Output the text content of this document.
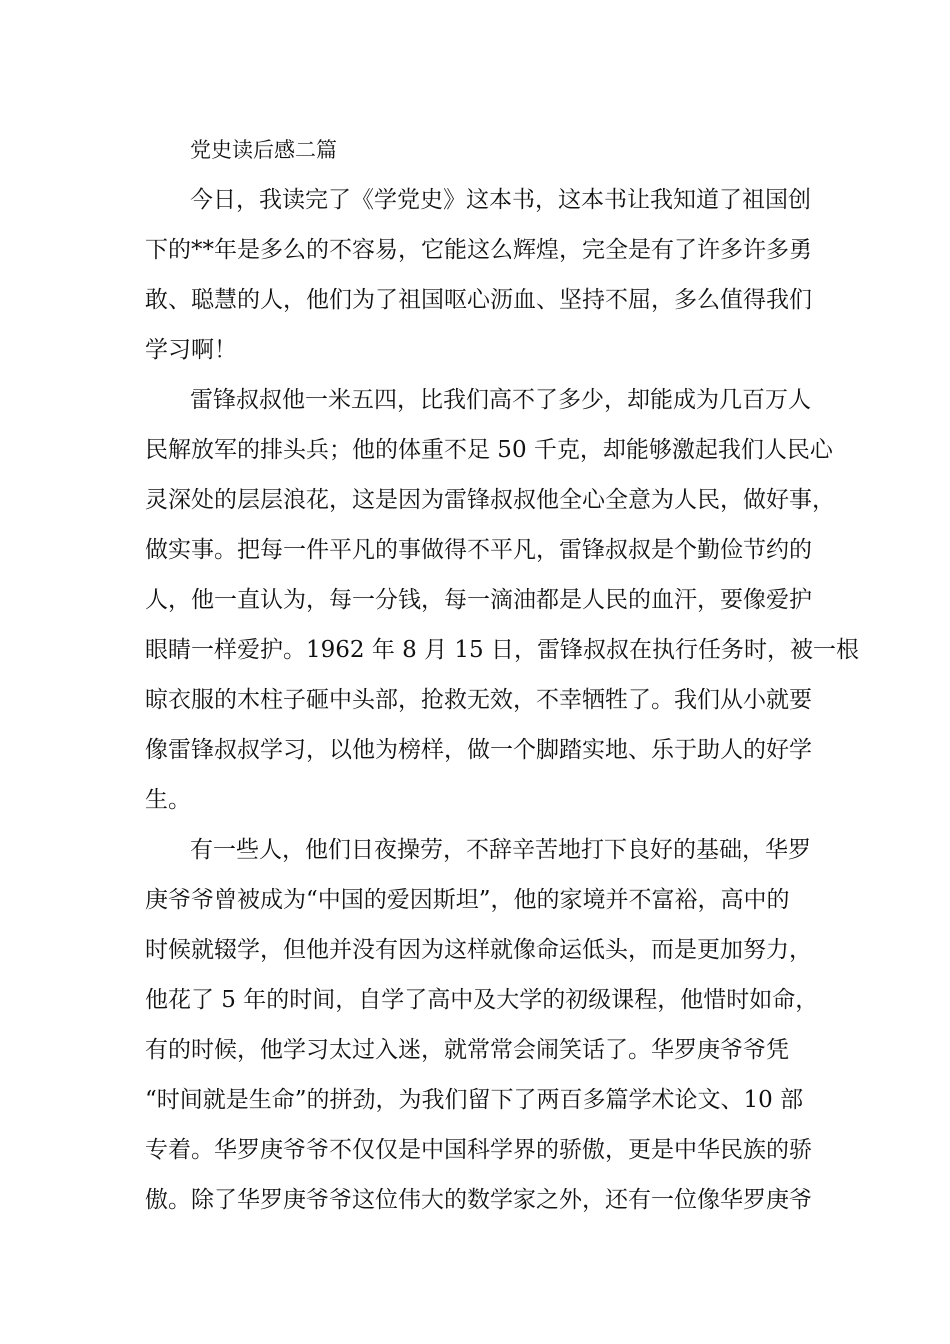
党史读后感二篇
今日，我读完了《学党史》这本书，这本书让我知道了祖国创
下的**年是多么的不容易，它能这么辉煌，完全是有了许多许多勇
敢、聪慧的人，他们为了祖国呕心沥血、坚持不屈，多么值得我们
学习啊！
雷锋叔叔他一米五四，比我们高不了多少，却能成为几百万人
民解放军的排头兵；他的体重不足 50 千克，却能够激起我们人民心
灵深处的层层浪花，这是因为雷锋叔叔他全心全意为人民，做好事，
做实事。把每一件平凡的事做得不平凡，雷锋叔叔是个勤俭节约的
人，他一直认为，每一分钱，每一滴油都是人民的血汗，要像爱护
眼睛一样爱护。1962 年 8 月 15 日，雷锋叔叔在执行任务时，被一根
晾衣服的木柱子砸中头部，抢救无效，不幸牺牲了。我们从小就要
像雷锋叔叔学习，以他为榜样，做一个脚踏实地、乐于助人的好学
生。
有一些人，他们日夜操劳，不辞辛苦地打下良好的基础，华罗
庚爷爷曾被成为“中国的爱因斯坦”，他的家境并不富裕，高中的
时候就辍学，但他并没有因为这样就像命运低头，而是更加努力，
他花了 5 年的时间，自学了高中及大学的初级课程，他惜时如命，
有的时候，他学习太过入迷，就常常会闹笑话了。华罗庚爷爷凭
“时间就是生命”的拼劲，为我们留下了两百多篇学术论文、10 部
专着。华罗庚爷爷不仅仅是中国科学界的骄傲，更是中华民族的骄
傲。除了华罗庚爷爷这位伟大的数学家之外，还有一位像华罗庚爷
